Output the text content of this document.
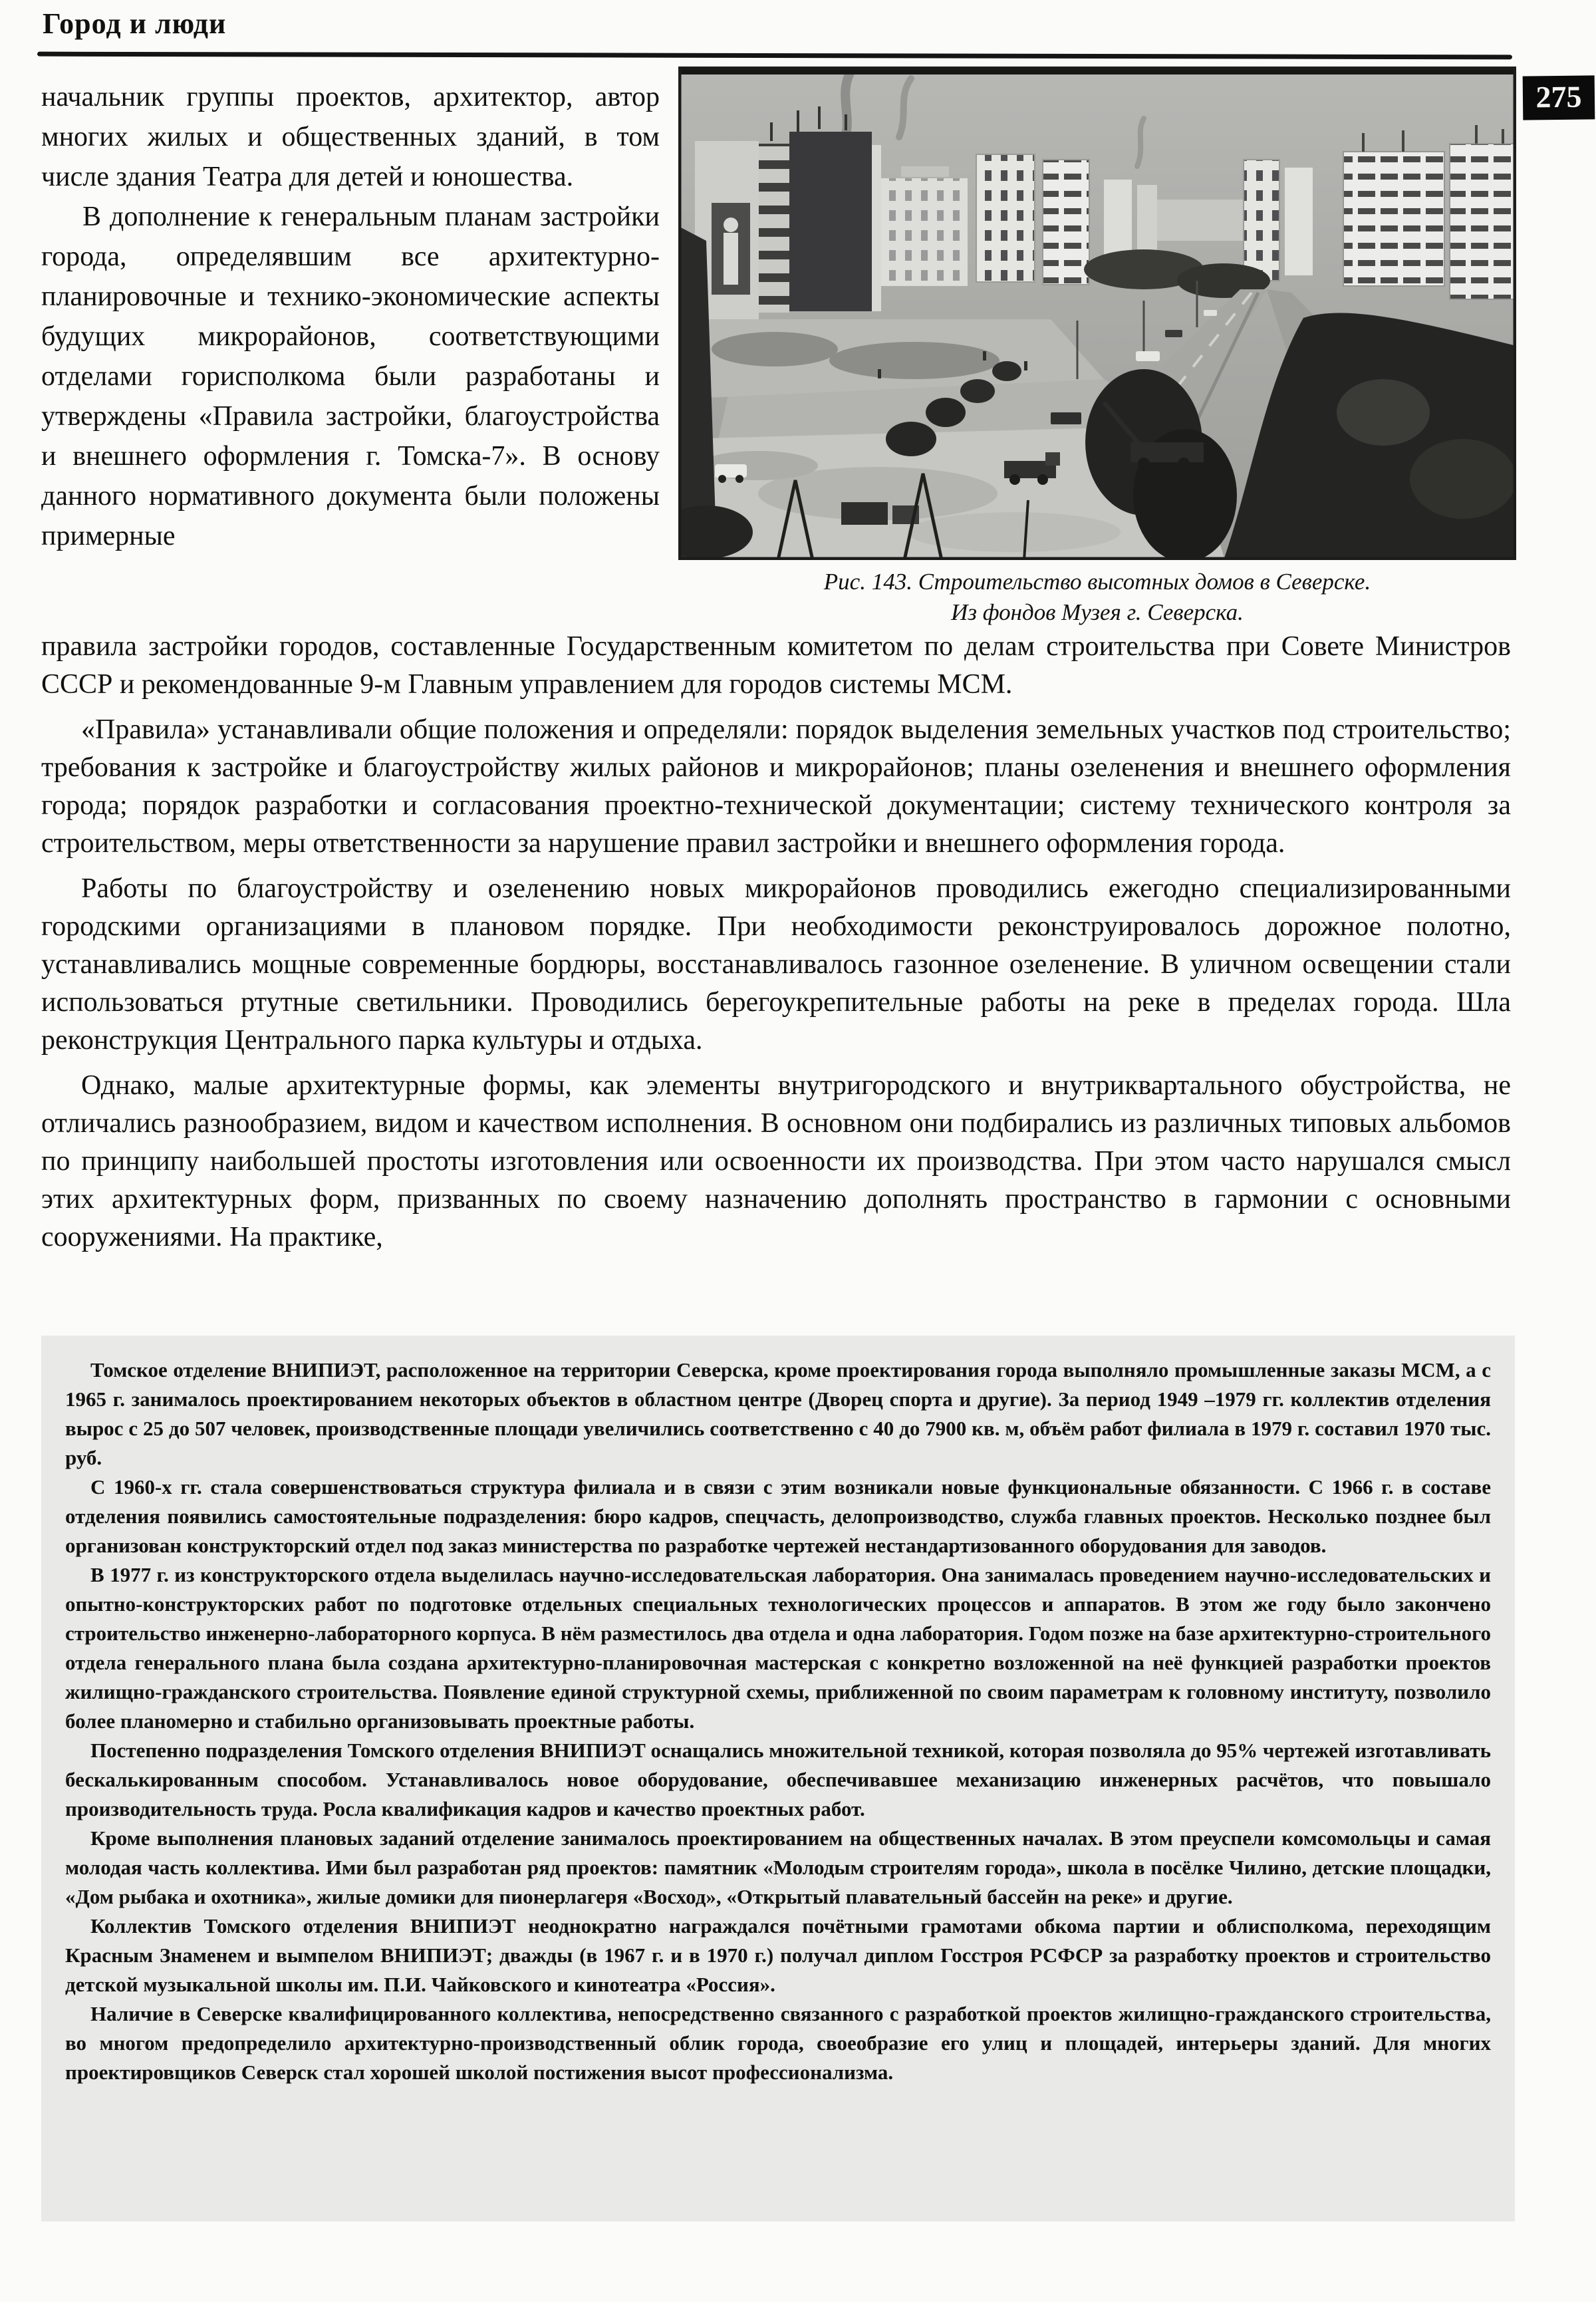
Город и люди
275

начальник группы проектов, архитектор, автор многих жилых и общественных зданий, в том числе здания Театра для детей и юношества.

В дополнение к генеральным планам застройки города, определявшим все архитектурно-планировочные и технико-экономические аспекты будущих микрорайонов, соответствующими отделами горисполкома были разработаны и утверждены «Правила застройки, благоустройства и внешнего оформления г. Томска-7». В основу данного нормативного документа были положены примерные

Рис. 143. Строительство высотных домов в Северске.
Из фондов Музея г. Северска.

правила застройки городов, составленные Государственным комитетом по делам строительства при Совете Министров СССР и рекомендованные 9-м Главным управлением для городов системы МСМ.

«Правила» устанавливали общие положения и определяли: порядок выделения земельных участков под строительство; требования к застройке и благоустройству жилых районов и микрорайонов; планы озеленения и внешнего оформления города; порядок разработки и согласования проектно-технической документации; систему технического контроля за строительством, меры ответственности за нарушение правил застройки и внешнего оформления города.

Работы по благоустройству и озеленению новых микрорайонов проводились ежегодно специализированными городскими организациями в плановом порядке. При необходимости реконструировалось дорожное полотно, устанавливались мощные современные бордюры, восстанавливалось газонное озеленение. В уличном освещении стали использоваться ртутные светильники. Проводились берегоукрепительные работы на реке в пределах города. Шла реконструкция Центрального парка культуры и отдыха.

Однако, малые архитектурные формы, как элементы внутригородского и внутриквартального обустройства, не отличались разнообразием, видом и качеством исполнения. В основном они подбирались из различных типовых альбомов по принципу наибольшей простоты изготовления или освоенности их производства. При этом часто нарушался смысл этих архитектурных форм, призванных по своему назначению дополнять пространство в гармонии с основными сооружениями. На практике,

Томское отделение ВНИПИЭТ, расположенное на территории Северска, кроме проектирования города выполняло промышленные заказы МСМ, а с 1965 г. занималось проектированием некоторых объектов в областном центре (Дворец спорта и другие). За период 1949 –1979 гг. коллектив отделения вырос с 25 до 507 человек, производственные площади увеличились соответственно с 40 до 7900 кв. м, объём работ филиала в 1979 г. составил 1970 тыс. руб.

С 1960-х гг. стала совершенствоваться структура филиала и в связи с этим возникали новые функциональные обязанности. С 1966 г. в составе отделения появились самостоятельные подразделения: бюро кадров, спецчасть, делопроизводство, служба главных проектов. Несколько позднее был организован конструкторский отдел под заказ министерства по разработке чертежей нестандартизованного оборудования для заводов.

В 1977 г. из конструкторского отдела выделилась научно-исследовательская лаборатория. Она занималась проведением научно-исследовательских и опытно-конструкторских работ по подготовке отдельных специальных технологических процессов и аппаратов. В этом же году было закончено строительство инженерно-лабораторного корпуса. В нём разместилось два отдела и одна лаборатория. Годом позже на базе архитектурно-строительного отдела генерального плана была создана архитектурно-планировочная мастерская с конкретно возложенной на неё функцией разработки проектов жилищно-гражданского строительства. Появление единой структурной схемы, приближенной по своим параметрам к головному институту, позволило более планомерно и стабильно организовывать проектные работы.

Постепенно подразделения Томского отделения ВНИПИЭТ оснащались множительной техникой, которая позволяла до 95% чертежей изготавливать бескалькированным способом. Устанавливалось новое оборудование, обеспечивавшее механизацию инженерных расчётов, что повышало производительность труда. Росла квалификация кадров и качество проектных работ.

Кроме выполнения плановых заданий отделение занималось проектированием на общественных началах. В этом преуспели комсомольцы и самая молодая часть коллектива. Ими был разработан ряд проектов: памятник «Молодым строителям города», школа в посёлке Чилино, детские площадки, «Дом рыбака и охотника», жилые домики для пионерлагеря «Восход», «Открытый плавательный бассейн на реке» и другие.

Коллектив Томского отделения ВНИПИЭТ неоднократно награждался почётными грамотами обкома партии и облисполкома, переходящим Красным Знаменем и вымпелом ВНИПИЭТ; дважды (в 1967 г. и в 1970 г.) получал диплом Госстроя РСФСР за разработку проектов и строительство детской музыкальной школы им. П.И. Чайковского и кинотеатра «Россия».

Наличие в Северске квалифицированного коллектива, непосредственно связанного с разработкой проектов жилищно-гражданского строительства, во многом предопределило архитектурно-производственный облик города, своеобразие его улиц и площадей, интерьеры зданий. Для многих проектировщиков Северск стал хорошей школой постижения высот профессионализма.
